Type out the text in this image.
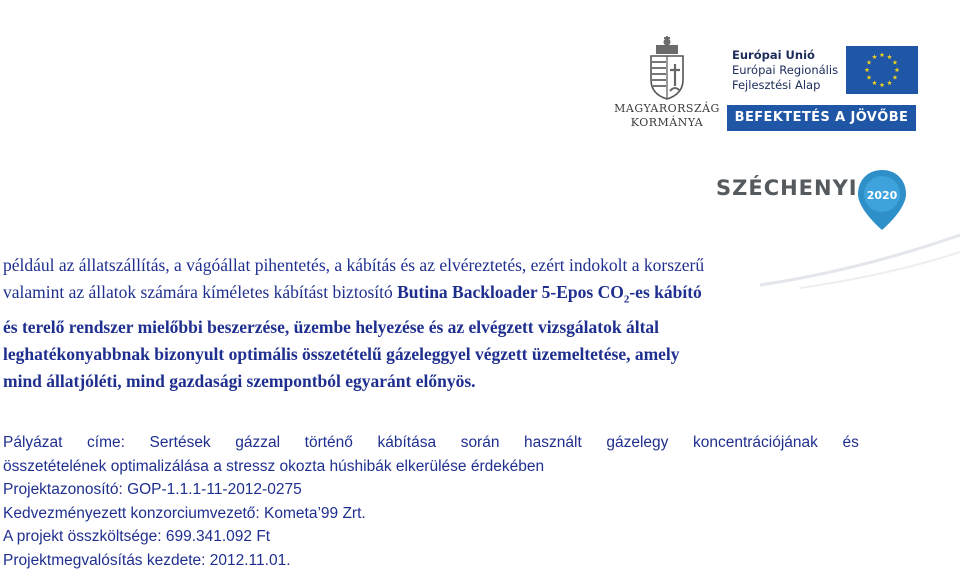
MAGYARORSZÁG
KORMÁNYA
Európai Unió
Európai Regionális
Fejlesztési Alap
BEFEKTETÉS A JÖVŐBE
SZÉCHENYI 2020
például az állatszállítás, a vágóállat pihentetés, a kábítás és az elvéreztetés, ezért indokolt a korszerű
valamint az állatok számára kíméletes kábítást biztosító Butina Backloader 5-Epos $CO_2-es$ kábító
és terelő rendszer mielőbbi beszerzése, üzembe helyezése és az elvégzett vizsgálatok által
leghatékonyabbnak bizonyult optimális összetételű gázeleggyel végzett üzemeltetése, amely
mind állatjóléti, mind gazdasági szempontból egyaránt előnyös.
Pályázat címe: Sertések gázzal történő kábítása során használt gázelegy koncentrációjának és
összetételének optimalizálása a stressz okozta húshibák elkerülése érdekében
Projektazonosító: GOP-1.1.1-11-2012-0275
Kedvezményezett konzorciumvezető: Kometa’99 Zrt.
A projekt összköltsége: 699.341.092 Ft
Projektmegvalósítás kezdete: 2012.11.01.
